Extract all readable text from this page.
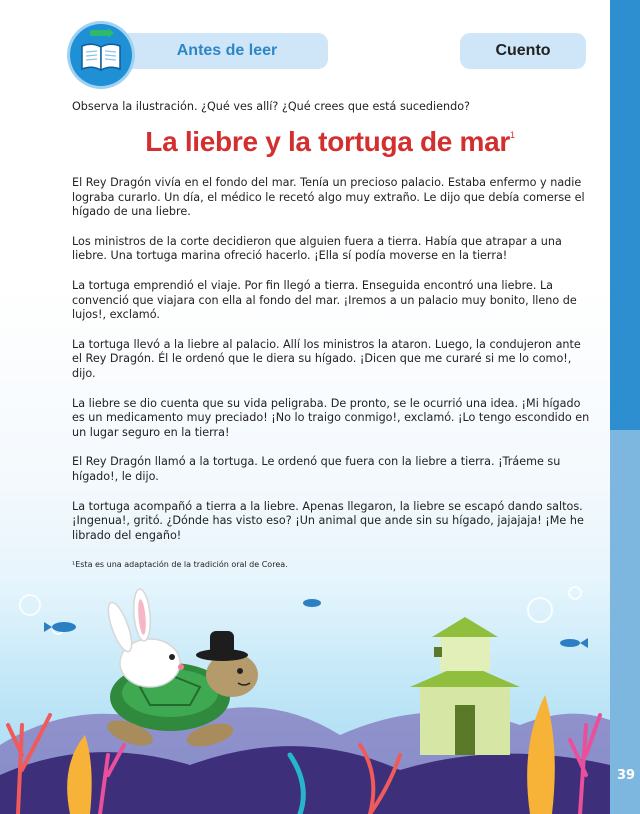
39
Antes de leer	Cuento
Observa la ilustración. ¿Qué ves allí? ¿Qué crees que está sucediendo?
La liebre y la tortuga de mar$^1$

El Rey Dragón vivía en el fondo del mar. Tenía un precioso palacio. Estaba enfermo y nadie lograba curarlo. Un día, el médico le recetó algo muy extraño. Le dijo que debía comerse el hígado de una liebre.

Los ministros de la corte decidieron que alguien fuera a tierra. Había que atrapar a una liebre. Una tortuga marina ofreció hacerlo. ¡Ella sí podía moverse en la tierra!

La tortuga emprendió el viaje. Por fin llegó a tierra. Enseguida encontró una liebre. La convenció que viajara con ella al fondo del mar. ¡Iremos a un palacio muy bonito, lleno de lujos!, exclamó.

La tortuga llevó a la liebre al palacio. Allí los ministros la ataron. Luego, la condujeron ante el Rey Dragón. Él le ordenó que le diera su hígado. ¡Dicen que me curaré si me lo como!, dijo.

La liebre se dio cuenta que su vida peligraba. De pronto, se le ocurrió una idea. ¡Mi hígado es un medicamento muy preciado! ¡No lo traigo conmigo!, exclamó. ¡Lo tengo escondido en un lugar seguro en la tierra!

El Rey Dragón llamó a la tortuga. Le ordenó que fuera con la liebre a tierra. ¡Tráeme su hígado!, le dijo.

La tortuga acompañó a tierra a la liebre. Apenas llegaron, la liebre se escapó dando saltos. ¡Ingenua!, gritó. ¿Dónde has visto eso? ¡Un animal que ande sin su hígado, jajajaja! ¡Me he librado del engaño!

¹Esta es una adaptación de la tradición oral de Corea.
